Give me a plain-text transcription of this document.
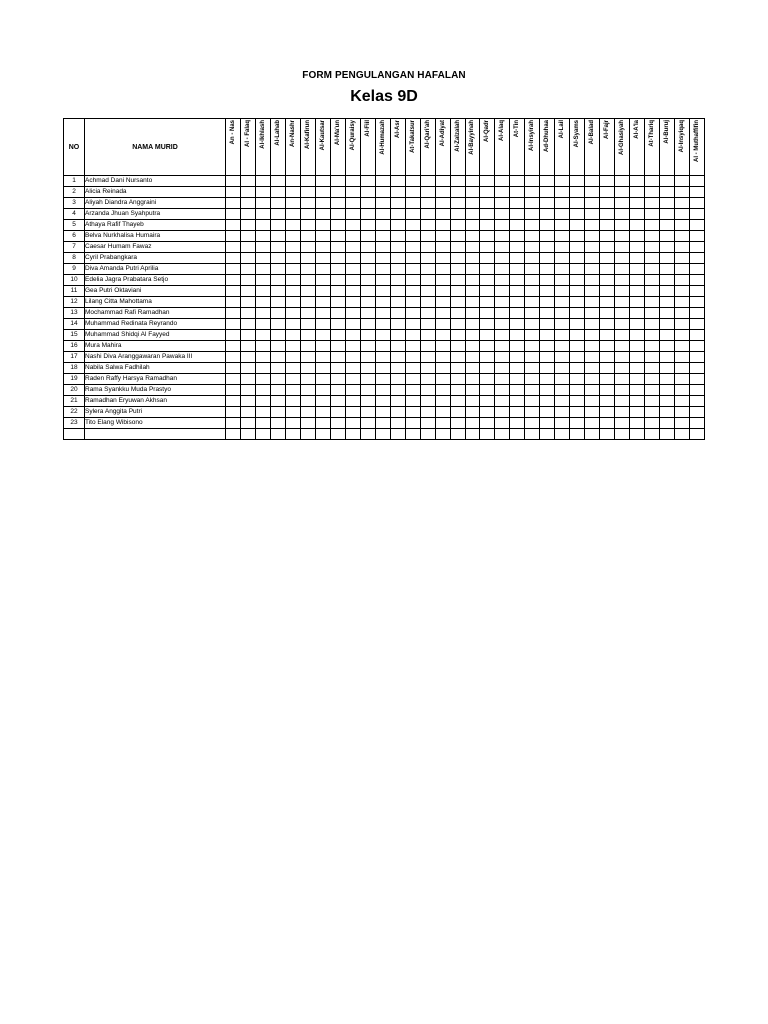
FORM PENGULANGAN HAFALAN
Kelas 9D
NO	NAMA MURID	An - Nas	Al - Falaq	Al-Ikhlash	Al-Lahab	An-Nashr	Al-Kafirun	Al-Kautsar	Al-Ma'un	Al-Quraisy	Al-Fiil	Al-Humazah	Al-Asr	At-Takatsur	Al-Qari'ah	Al-Adiyat	Al-Zalzalah	Al-Bayyinah	Al-Qadr	Al-Alaq	At-Tin	Al-Insyirah	Ad-Dhuhaa	Al-Lail	Al-Syams	Al-Balad	Al-Fajr	Al-Ghasiyah	Al-A'la	At-Thariq	Al-Buruj	Al-Insyiqaq	Al - Muthaffifin

1	Achmad Dani Nursanto																																
2	Alicia Reinada																																
3	Aliyah Diandra Anggraini																																
4	Arzanda Jhuan Syahputra																																
5	Athaya Rafif Thayeb																																
6	Belva Nurkhalisa Humaira																																
7	Caesar Humam Fawaz																																
8	Cyril Prabangkara																																
9	Diva Amanda Putri Aprilia																																
10	Edelia Jagra Prabatara Setjo																																
11	Gea Putri Oktaviani																																
12	Lilang Citta Mahottama																																
13	Mochammad Rafi Ramadhan																																
14	Muhammad Redinata Reyrando																																
15	Muhammad Shidqi Al Fayyed																																
16	Mura Mahira																																
17	Nashi Diva Aranggawaran Pawaka III																																
18	Nabila Salwa Fadhilah																																
19	Raden Raffy Harsya Ramadhan																																
20	Rama Syankku Muda Prastyo																																
21	Ramadhan Eryuwan Akhsan																																
22	Sylera Anggita Putri																																
23	Tito Elang Wibisono																																
